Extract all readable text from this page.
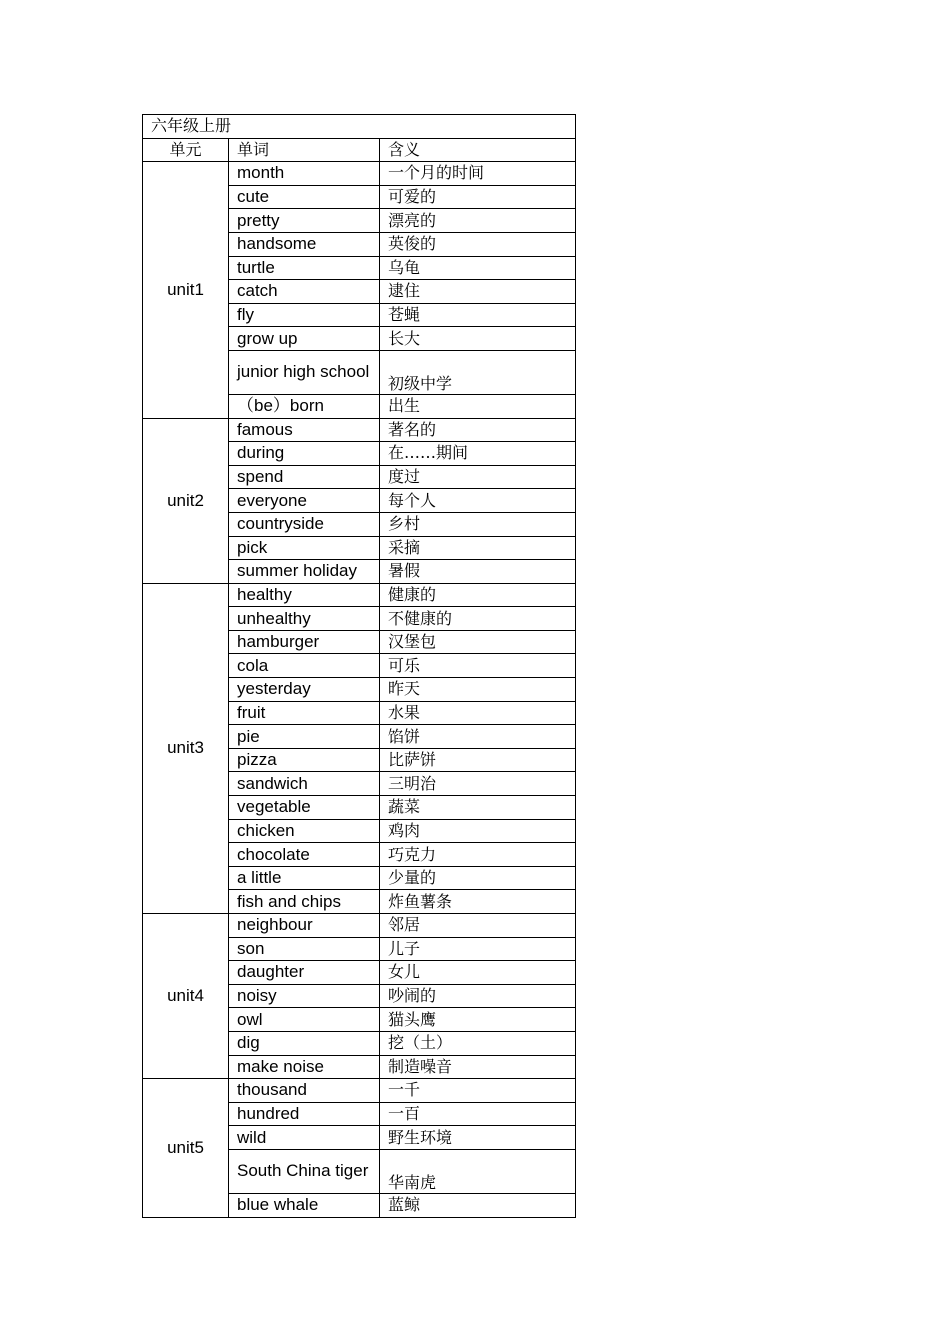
六年级上册		
单元	单词	含义
unit1	month	一个月的时间
	cute	可爱的
	pretty	漂亮的
	handsome	英俊的
	turtle	乌龟
	catch	逮住
	fly	苍蝇
	grow up	长大
	junior high school	初级中学
	（be）born	出生
unit2	famous	著名的
	during	在……期间
	spend	度过
	everyone	每个人
	countryside	乡村
	pick	采摘
	summer holiday	暑假
unit3	healthy	健康的
	unhealthy	不健康的
	hamburger	汉堡包
	cola	可乐
	yesterday	昨天
	fruit	水果
	pie	馅饼
	pizza	比萨饼
	sandwich	三明治
	vegetable	蔬菜
	chicken	鸡肉
	chocolate	巧克力
	a little	少量的
	fish and chips	炸鱼薯条
unit4	neighbour	邻居
	son	儿子
	daughter	女儿
	noisy	吵闹的
	owl	猫头鹰
	dig	挖（土）
	make noise	制造噪音
unit5	thousand	一千
	hundred	一百
	wild	野生环境
	South China tiger	华南虎
	blue whale	蓝鲸
